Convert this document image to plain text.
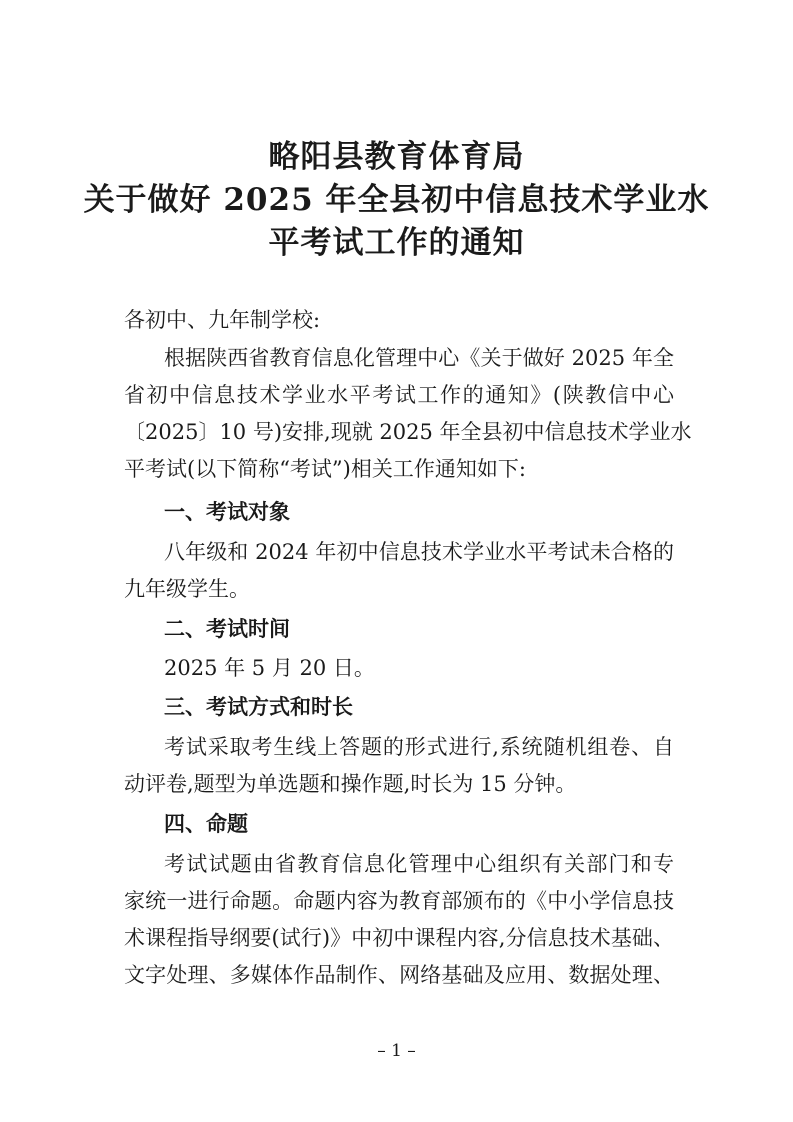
略阳县教育体育局
关于做好 2025 年全县初中信息技术学业水
平考试工作的通知
各初中、九年制学校:
根据陕西省教育信息化管理中心《关于做好 2025 年全
省初中信息技术学业水平考试工作的通知》(陕教信中心
〔2025〕10 号)安排,现就 2025 年全县初中信息技术学业水
平考试(以下简称“考试”)相关工作通知如下:
一、考试对象
八年级和 2024 年初中信息技术学业水平考试未合格的
九年级学生。
二、考试时间
2025 年 5 月 20 日。
三、考试方式和时长
考试采取考生线上答题的形式进行,系统随机组卷、自
动评卷,题型为单选题和操作题,时长为 15 分钟。
四、命题
考试试题由省教育信息化管理中心组织有关部门和专
家统一进行命题。命题内容为教育部颁布的《中小学信息技
术课程指导纲要(试行)》中初中课程内容,分信息技术基础、
文字处理、多媒体作品制作、网络基础及应用、数据处理、
– 1 –
